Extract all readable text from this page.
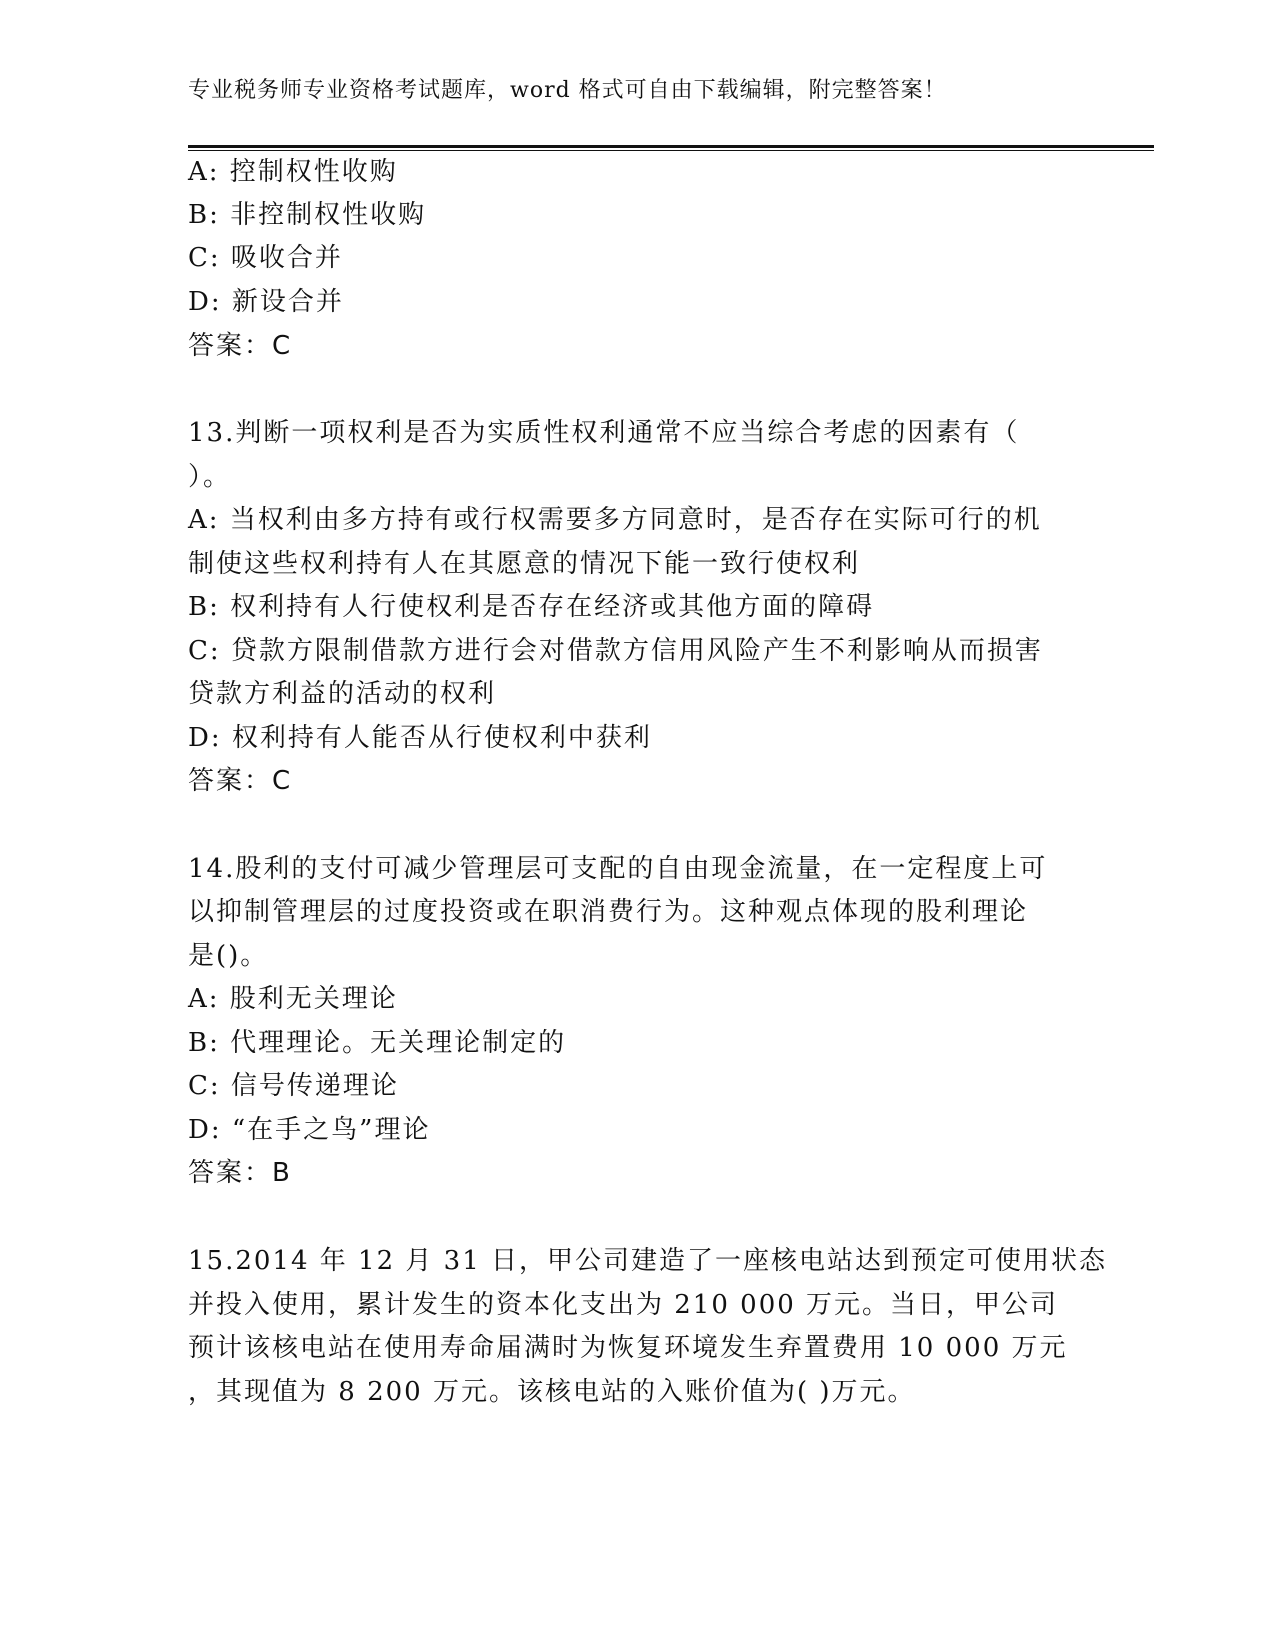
专业税务师专业资格考试题库，word 格式可自由下载编辑，附完整答案！
A: 控制权性收购
B: 非控制权性收购
C: 吸收合并
D: 新设合并
答案：C
13.判断一项权利是否为实质性权利通常不应当综合考虑的因素有（
）。
A: 当权利由多方持有或行权需要多方同意时，是否存在实际可行的机
制使这些权利持有人在其愿意的情况下能一致行使权利
B: 权利持有人行使权利是否存在经济或其他方面的障碍
C: 贷款方限制借款方进行会对借款方信用风险产生不利影响从而损害
贷款方利益的活动的权利
D: 权利持有人能否从行使权利中获利
答案：C
14.股利的支付可减少管理层可支配的自由现金流量，在一定程度上可
以抑制管理层的过度投资或在职消费行为。这种观点体现的股利理论
是()。
A: 股利无关理论
B: 代理理论。无关理论制定的
C: 信号传递理论
D: “在手之鸟”理论
答案：B
15.2014 年 12 月 31 日，甲公司建造了一座核电站达到预定可使用状态
并投入使用，累计发生的资本化支出为 210 000 万元。当日，甲公司
预计该核电站在使用寿命届满时为恢复环境发生弃置费用 10 000 万元
，其现值为 8 200 万元。该核电站的入账价值为( )万元。
